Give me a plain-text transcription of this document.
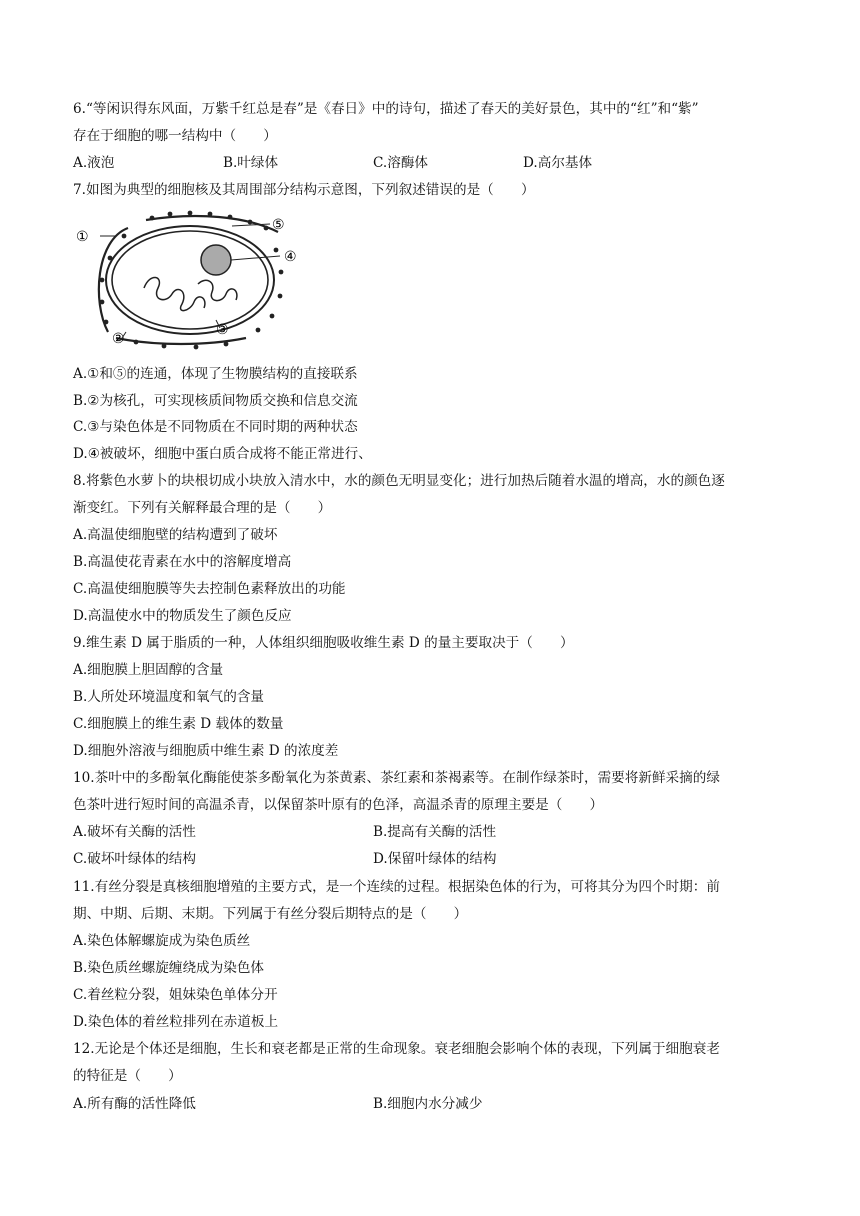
6.“等闲识得东风面，万紫千红总是春”是《春日》中的诗句，描述了春天的美好景色，其中的“红”和“紫”
存在于细胞的哪一结构中（　　）
A.液泡	B.叶绿体	C.溶酶体	D.高尔基体
7.如图为典型的细胞核及其周围部分结构示意图，下列叙述错误的是（　　）
①
②
③
④
⑤
A.①和⑤的连通，体现了生物膜结构的直接联系
B.②为核孔，可实现核质间物质交换和信息交流
C.③与染色体是不同物质在不同时期的两种状态
D.④被破坏，细胞中蛋白质合成将不能正常进行、
8.将紫色水萝卜的块根切成小块放入清水中，水的颜色无明显变化；进行加热后随着水温的增高，水的颜色逐
渐变红。下列有关解释最合理的是（　　）
A.高温使细胞壁的结构遭到了破坏
B.高温使花青素在水中的溶解度增高
C.高温使细胞膜等失去控制色素释放出的功能
D.高温使水中的物质发生了颜色反应
9.维生素 D 属于脂质的一种，人体组织细胞吸收维生素 D 的量主要取决于（　　）
A.细胞膜上胆固醇的含量
B.人所处环境温度和氧气的含量
C.细胞膜上的维生素 D 载体的数量
D.细胞外溶液与细胞质中维生素 D 的浓度差
10.茶叶中的多酚氧化酶能使茶多酚氧化为茶黄素、茶红素和茶褐素等。在制作绿茶时，需要将新鲜采摘的绿
色茶叶进行短时间的高温杀青，以保留茶叶原有的色泽，高温杀青的原理主要是（　　）
A.破坏有关酶的活性	B.提高有关酶的活性
C.破坏叶绿体的结构	D.保留叶绿体的结构
11.有丝分裂是真核细胞增殖的主要方式，是一个连续的过程。根据染色体的行为，可将其分为四个时期：前
期、中期、后期、末期。下列属于有丝分裂后期特点的是（　　）
A.染色体解螺旋成为染色质丝
B.染色质丝螺旋缠绕成为染色体
C.着丝粒分裂，姐妹染色单体分开
D.染色体的着丝粒排列在赤道板上
12.无论是个体还是细胞，生长和衰老都是正常的生命现象。衰老细胞会影响个体的表现，下列属于细胞衰老
的特征是（　　）
A.所有酶的活性降低	B.细胞内水分减少
